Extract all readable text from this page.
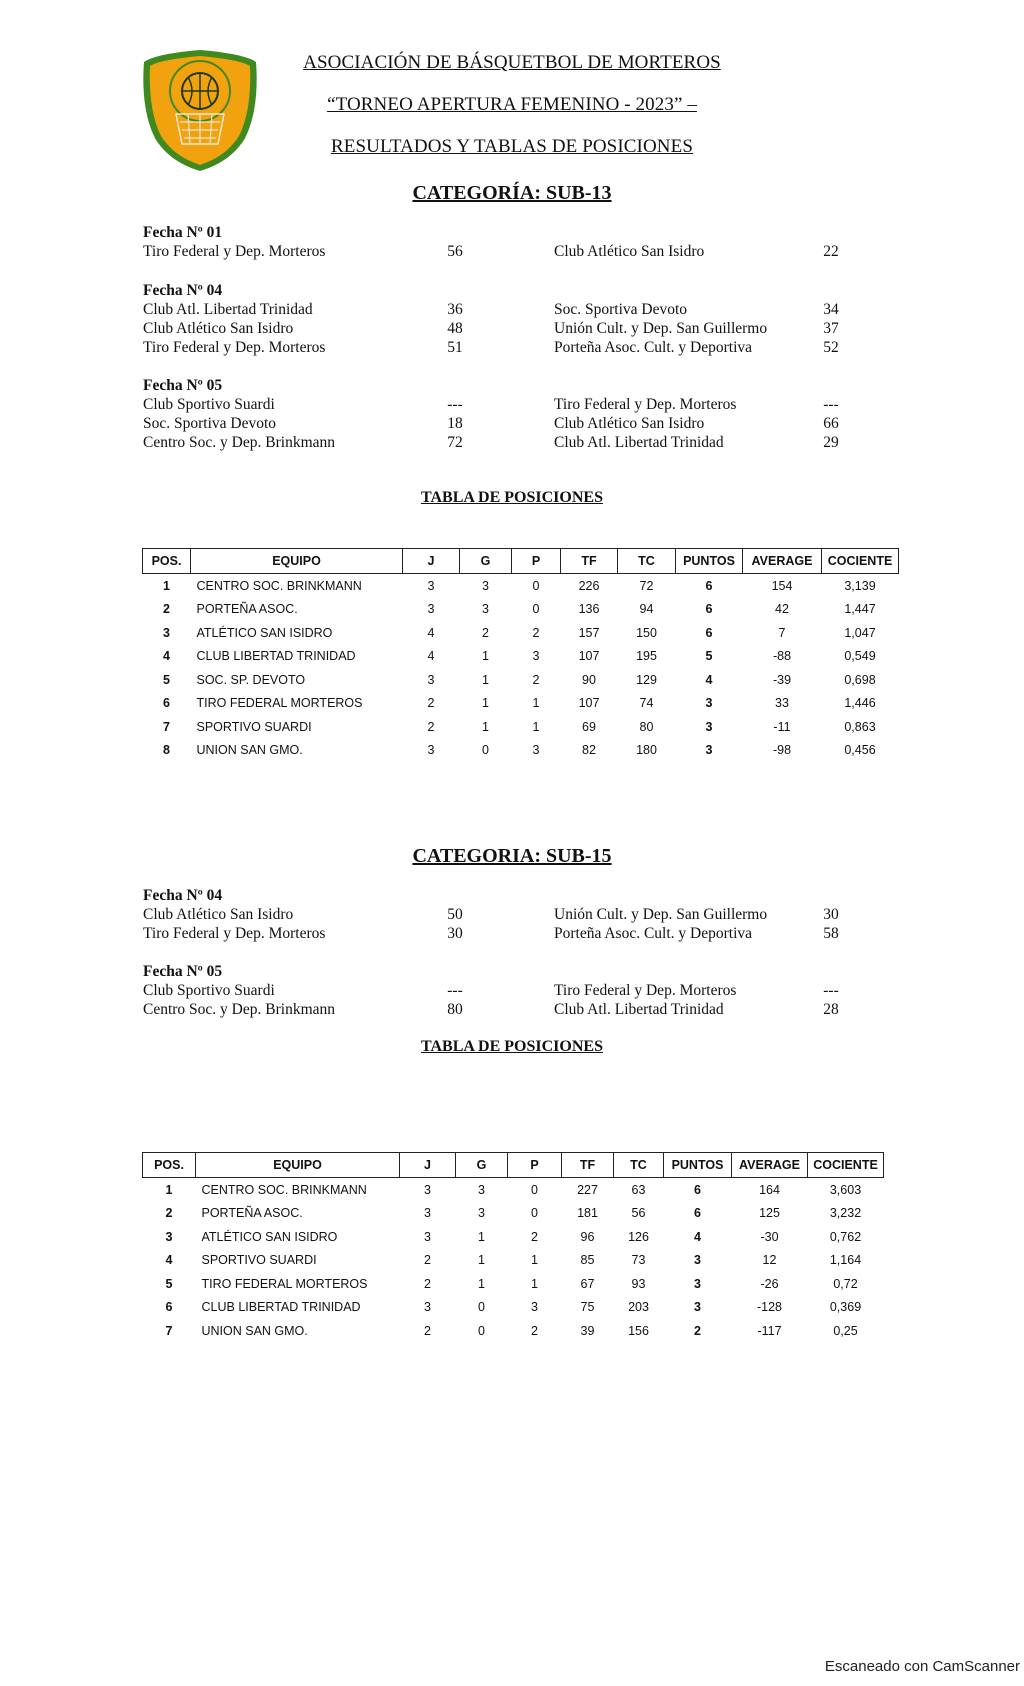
ASOCIACIÓN DE BÁSQUETBOL DE MORTEROS
“TORNEO APERTURA FEMENINO - 2023” –
RESULTADOS Y TABLAS DE POSICIONES
CATEGORÍA: SUB-13
Fecha Nº 01
Tiro Federal y Dep. Morteros	56	Club Atlético San Isidro	22
Fecha Nº 04
Club Atl. Libertad Trinidad	36	Soc. Sportiva Devoto	34
Club Atlético San Isidro	48	Unión Cult. y Dep. San Guillermo	37
Tiro Federal y Dep. Morteros	51	Porteña Asoc. Cult. y Deportiva	52
Fecha Nº 05
Club Sportivo Suardi	---	Tiro Federal y Dep. Morteros	---
Soc. Sportiva Devoto	18	Club Atlético San Isidro	66
Centro Soc. y Dep. Brinkmann	72	Club Atl. Libertad Trinidad	29
TABLA DE POSICIONES
POS.	EQUIPO	J	G	P	TF	TC	PUNTOS	AVERAGE	COCIENTE
1	CENTRO SOC. BRINKMANN	3	3	0	226	72	6	154	3,139
2	PORTEÑA ASOC.	3	3	0	136	94	6	42	1,447
3	ATLÉTICO SAN ISIDRO	4	2	2	157	150	6	7	1,047
4	CLUB LIBERTAD TRINIDAD	4	1	3	107	195	5	-88	0,549
5	SOC. SP. DEVOTO	3	1	2	90	129	4	-39	0,698
6	TIRO FEDERAL MORTEROS	2	1	1	107	74	3	33	1,446
7	SPORTIVO SUARDI	2	1	1	69	80	3	-11	0,863
8	UNION SAN GMO.	3	0	3	82	180	3	-98	0,456
CATEGORIA: SUB-15
Fecha Nº 04
Club Atlético San Isidro	50	Unión Cult. y Dep. San Guillermo	30
Tiro Federal y Dep. Morteros	30	Porteña Asoc. Cult. y Deportiva	58
Fecha Nº 05
Club Sportivo Suardi	---	Tiro Federal y Dep. Morteros	---
Centro Soc. y Dep. Brinkmann	80	Club Atl. Libertad Trinidad	28
TABLA DE POSICIONES
POS.	EQUIPO	J	G	P	TF	TC	PUNTOS	AVERAGE	COCIENTE
1	CENTRO SOC. BRINKMANN	3	3	0	227	63	6	164	3,603
2	PORTEÑA ASOC.	3	3	0	181	56	6	125	3,232
3	ATLÉTICO SAN ISIDRO	3	1	2	96	126	4	-30	0,762
4	SPORTIVO SUARDI	2	1	1	85	73	3	12	1,164
5	TIRO FEDERAL MORTEROS	2	1	1	67	93	3	-26	0,72
6	CLUB LIBERTAD TRINIDAD	3	0	3	75	203	3	-128	0,369
7	UNION SAN GMO.	2	0	2	39	156	2	-117	0,25
Escaneado con CamScanner
